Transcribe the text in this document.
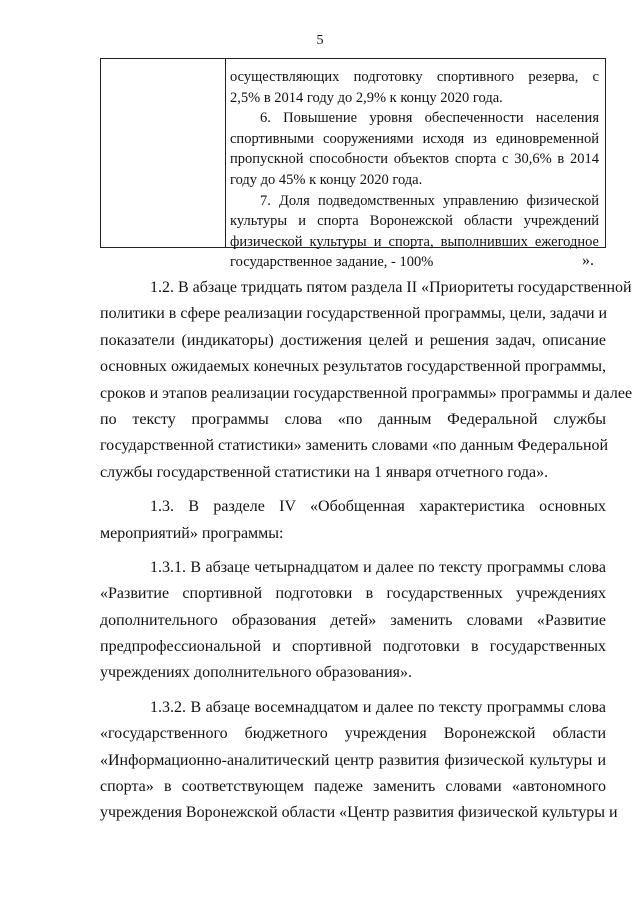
5
осуществляющих подготовку спортивного резерва, с
2,5% в 2014 году до 2,9% к концу 2020 года.
6. Повышение уровня обеспеченности населения
спортивными сооружениями исходя из единовременной
пропускной способности объектов спорта с 30,6% в 2014
году до 45% к концу 2020 года.
7. Доля подведомственных управлению физической
культуры и спорта Воронежской области учреждений
физической культуры и спорта, выполнивших ежегодное
государственное задание, - 100%	».
1.2. В абзаце тридцать пятом раздела II «Приоритеты государственной
политики в сфере реализации государственной программы, цели, задачи и
показатели (индикаторы) достижения целей и решения задач, описание
основных ожидаемых конечных результатов государственной программы,
сроков и этапов реализации государственной программы» программы и далее
по тексту программы слова «по данным Федеральной службы
государственной статистики» заменить словами «по данным Федеральной
службы государственной статистики на 1 января отчетного года».
1.3. В разделе IV «Обобщенная характеристика основных
мероприятий» программы:
1.3.1. В абзаце четырнадцатом и далее по тексту программы слова
«Развитие спортивной подготовки в государственных учреждениях
дополнительного образования детей» заменить словами «Развитие
предпрофессиональной и спортивной подготовки в государственных
учреждениях дополнительного образования».
1.3.2. В абзаце восемнадцатом и далее по тексту программы слова
«государственного бюджетного учреждения Воронежской области
«Информационно-аналитический центр развития физической культуры и
спорта» в соответствующем падеже заменить словами «автономного
учреждения Воронежской области «Центр развития физической культуры и
